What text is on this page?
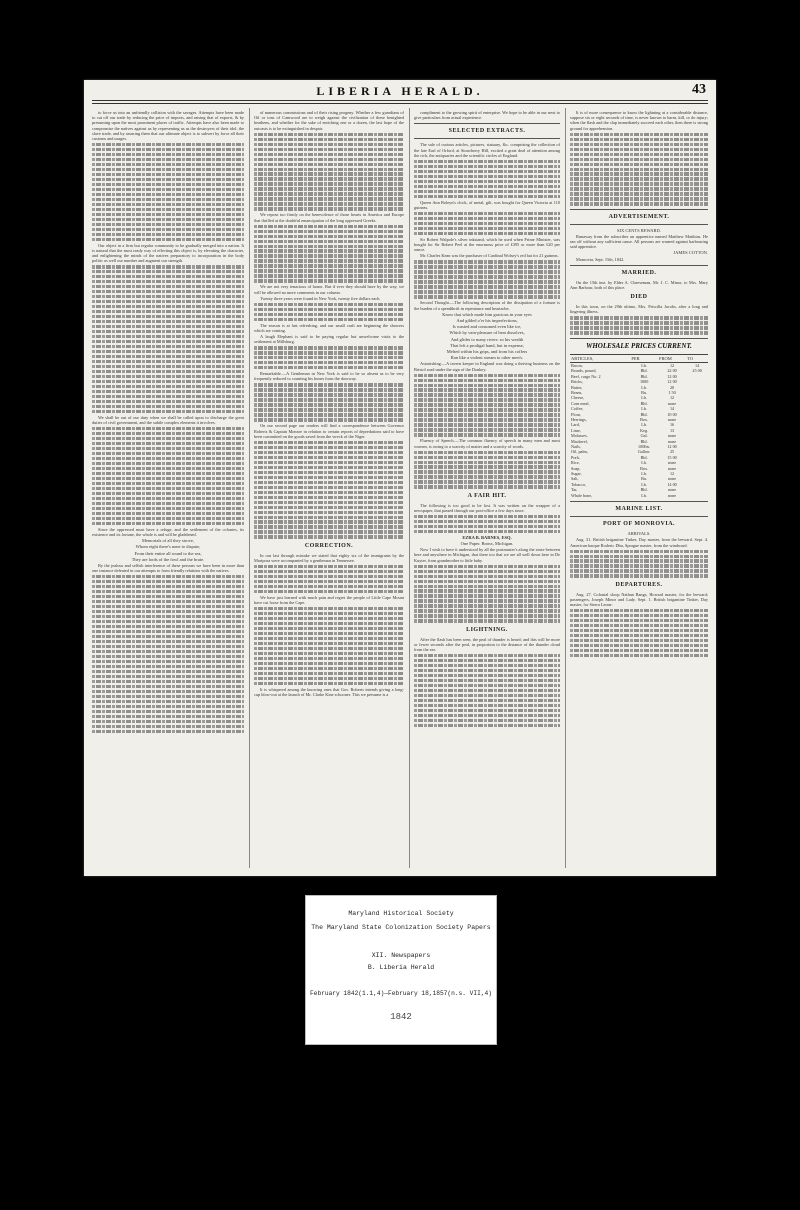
LIBERIA HERALD.	43

to force us into an unfriendly collision with the savages. Attempts have been made to cut off our trade by reducing the price of imports, and raising that of exports, & by presuming upon the most prominent places of traffic. Attempts have also been made to compromise the natives against us by representing us as the destroyers of their idol, the slave trade, and by assuring them that our ultimate object is to subvert by force all their customs and usages.

Our object in a firm but regular community to be gradually merged into a nation. It is natural that the most ready way of effecting this object is, by elevating the character, and enlightening the minds of the natives preparatory to incorporation in the body politic as well our number and augment our strength.

We shall be out of our duty when we shall be called upon to discharge the great duties of civil government, and the subtle complex elements it involves.

Since the oppressed must have a refuge, and the settlement of the colonies, its existence and its fortune, the whole is and will be gladdened.

Memorials of all they strove,

Whom eight there's none to dispute,

From their entire all round to the sea,

They are lords of the fowl and the brute.

By the jealous and selfish interference of these persons we have been in more than one instance defeated in our attempts to form friendly relations with the natives.

of numerous commissions and of their rising progeny. Whether a few guardians of Oil or tons of Camwood are to weigh against the civilization of these benighted heathens, and whether for the sake of enriching one or a dozen, the last hope of the outcasts is to be extinguished in despair.

We repose too firmly on the benevolence of those hearts in America and Europe that thrilled at the doubtful emancipation of the long oppressed Greeks.

We are not very tenacious of honor. But if ever they should have by the way, we will be allowed no more comments in our column.

Twenty three years were found in New York, twenty five dollars each.

The season is at last refreshing, and our small craft are beginning the showers which are coming.

A laugh Elephant is said to be paying regular but unwelcome visits to the settlement at Millsburg.

Remarkable.—A Gentleman in New York is said to be so absent as to be very frequently reduced to counting his bones from the doorway.

On our second page our readers will find a correspondence between Governor Roberts & Captain Monroe in relation to certain reports of depredations said to have been committed on the goods saved from the wreck of the Niger.

CORRECTION.

In our last through mistake we stated that eighty six of the immigrants by the Mariposa were accompanied by a gentleman in Tennessee.

We have just learned with much pain and regret the people of Little Cape Mount have cut loose from the Cape.

It is whispered among the knowing ones that Gov. Roberts intends giving a long-cup blow-out at the launch of Mr. Clarke Kine schooner. This we presume is a

compliment to the growing spirit of enterprise. We hope to be able in our next to give particulars from actual experience.

SELECTED EXTRACTS.

The sale of curious articles, pictures, statuary, &c. comprising the collection of the late Earl of Orford, at Strawberry Hill, excited a great deal of attention among the rich, the antiquaries and the scientific circles of England.

Queen Ann Boleyn's clock, of metal, gilt, was bought for Queen Victoria at 110 guineas.

Sir Robert Walpole's silver inkstand, which he used when Prime Minister, was bought for Sir Robert Peel at the enormous price of £395 or more than £20 per ounce.

Mr. Charles Kean was the purchaser of Cardinal Wolsey's red hat for 21 guineas.

Second Thought.—The following description of the dissipation of a fortune is the burden of a spendthrift in repentance and heartache.

Know that which made him gracious in your eyes

And gilded o'er his imperfections,

Is wasted and consumed even like ice,

Which by vain-pleasure of heat dissolves,

And glides to many rivers: so his wealth

That left a prodigal hand, but in expense,

Melted within his grips, and from his coffers

Ran like a violent stream to other men's.

Astonishing.—A tavern keeper in England was doing a thriving business on the Bristol road under the sign of the Donkey.

Fluency of Speech.—The common fluency of speech in many men and most women, is owing to a scarcity of matter and a scarcity of words.

A FAIR HIT.

The following is too good to be lost. It was written on the wrapper of a newspaper, that passed through our post-office a few days since.

EZRA B. BARNES, ESQ.

One Paper. Bronx, Michigan.

Now I wish to have it understood by all the postmaster's along the route between here and anywhere in Michigan, that there too that we are all well down here in De Kuyter, from grandmother to little baby.

LIGHTNING.

After the flash has been seen, the peal of thunder is heard; and this will be more or fewer seconds after the peal, in proportion to the distance of the thunder cloud from the ear.

It is of more consequence to know the lightning at a considerable distance, suppose six or eight seconds of time, is never known to harm, kill, or do injury; when the flash and the clap immediately succeed each other, then there is strong ground for apprehension.

ADVERTISEMENT.

SIX CENTS REWARD.

Runaway from the subscriber an apprentice named Matthew Matthias. He ran off without any sufficient cause. All persons are warned against harbouring said apprentice.

JAMES COTTON.

Monrovia, Sept. 15th, 1842.

MARRIED.

On the 15th inst. by Elder A. Cheeseman, Mr. J. C. Minor, to Mrs. Mary Ann Barbour, both of this place.

DIED

In this town, on the 29th ultimo, Mrs. Priscilla Jacobs, after a long and lingering illness.

WHOLESALE PRICES CURRENT.
ARTICLES,	PER	FROM	TO
Bacon,	Lb.	12	14
Boards, pound,	Bbl.	22 00	25 00
Beef, cargo No. 2	Bbl.	12 00	
Bricks,	1000	12 00	
Butter,	Lb.	20	
Beans,	Bu.	1 50	
Cheese,	Lb.	12	
Corn meal,	Bbl.	none	
Coffee,	Lb.	14	
Flour,	Bbl.	10 00	
Herrings,	Box.	none	
Lard,	Lb.	16	
Lime,	Keg.	13	
Molasses,	Gal.	none	
Mackerel,	Bbl.	none	
Nails,	100lbs.	12 00	
Oil, palm,	Gallon.	25	
Pork,	Bbl.	15 00	
Rice,	Lb.	none	
Soap,	Box.	none	
Sugar,	Lb.	12	
Salt,	Bu.	none	
Tobacco,	Lb.	14 00	
Tar,	Bbl.	none	
Whale bone,	Lb.	none	
MARINE LIST.
PORT OF MONROVIA.

ARRIVALS.

Aug. 31. British brigantine Tinker, Day master, from the leeward. Sept. 4. American barque Roderic Dhu, Sprague master, from the windward.

DEPARTURES.

Aug. 27. Colonial sloop Nathan Bangs, Howard master, for the leeward; passengers, Joseph Minor and Lady. Sept. 1. British brigantine Tinker, Day master, for Sierra Leone.

Maryland Historical Society
The Maryland State Colonization Society Papers
XII. Newspapers
B. Liberia Herald
February 1842(1.1,4)—February 18,1857(n.s. VII,4)
1842
